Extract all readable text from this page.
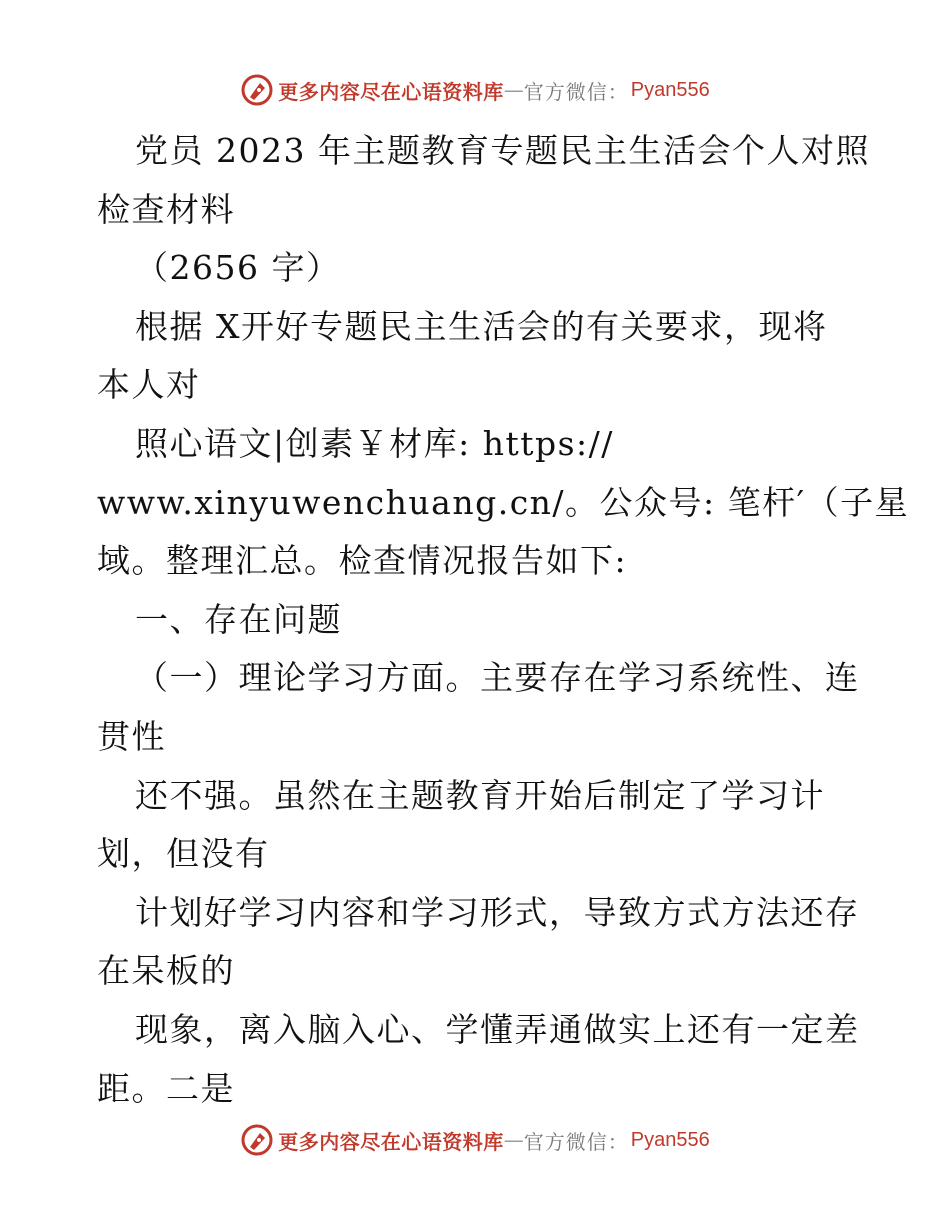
更多内容尽在心语资料库 — 官方微信： Pyan556
党员 2023 年主题教育专题民主生活会个人对照
检查材料
（2656 字）
根据 X开好专题民主生活会的有关要求，现将
本人对
照心语文|创素￥材库: https://
www.xinyuwenchuang.cn/。公众号: 笔杆′（子星
域。整理汇总。检查情况报告如下:
一、存在问题
（一）理论学习方面。主要存在学习系统性、连
贯性
还不强。虽然在主题教育开始后制定了学习计
划，但没有
计划好学习内容和学习形式，导致方式方法还存
在呆板的
现象，离入脑入心、学懂弄通做实上还有一定差
距。二是
更多内容尽在心语资料库 — 官方微信： Pyan556
